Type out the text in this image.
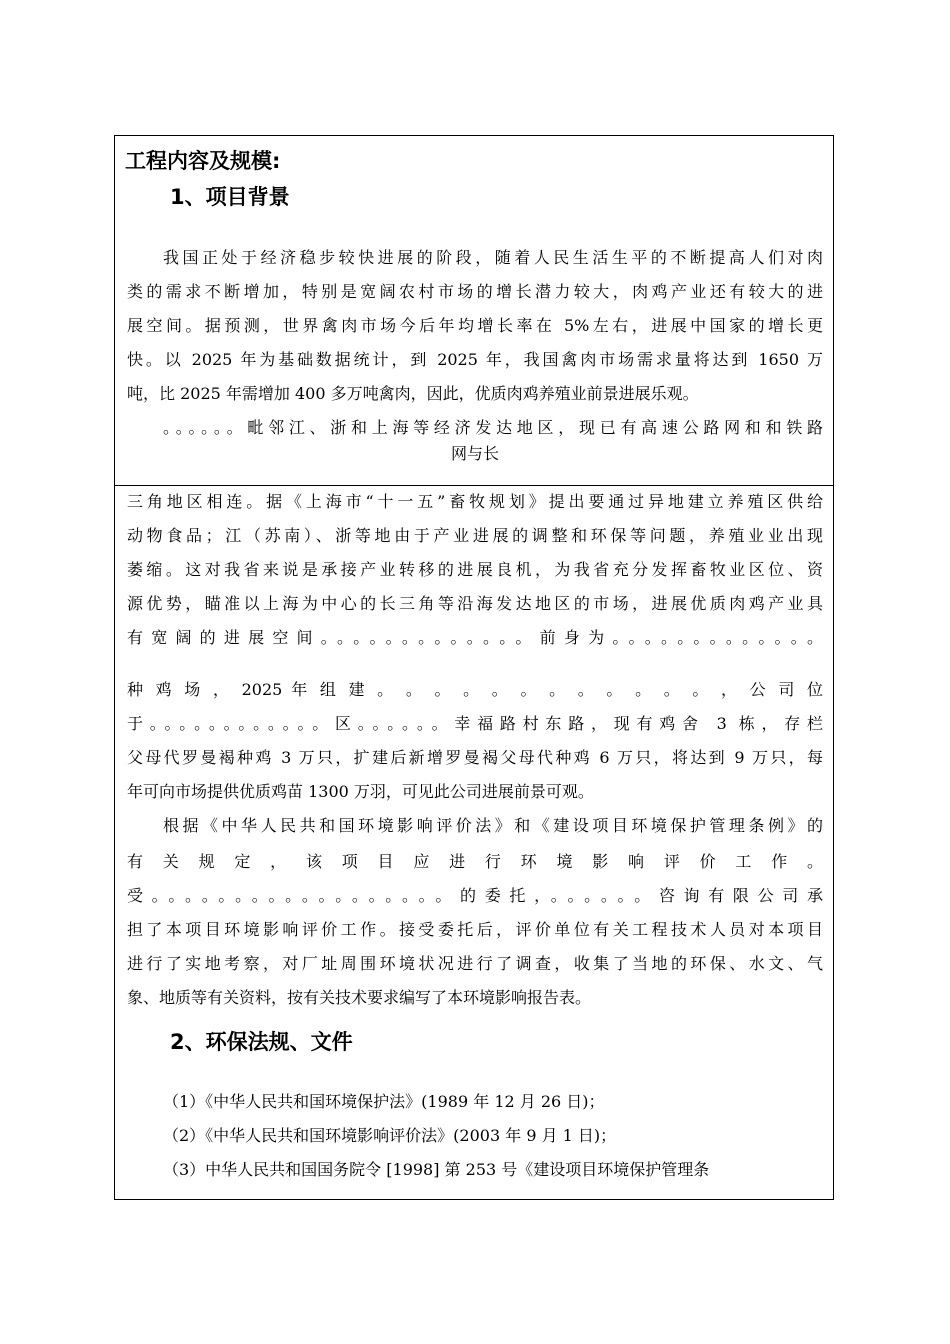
工程内容及规模:
1、项目背景
我国正处于经济稳步较快进展的阶段，随着人民生活生平的不断提高人们对肉
类的需求不断增加，特别是宽阔农村市场的增长潜力较大，肉鸡产业还有较大的进
展空间。据预测，世界禽肉市场今后年均增长率在 5%左右，进展中国家的增长更
快。以 2025 年为基础数据统计，到 2025 年，我国禽肉市场需求量将达到 1650 万
吨，比 2025 年需增加 400 多万吨禽肉，因此，优质肉鸡养殖业前景进展乐观。
。。。。。。毗邻江、浙和上海等经济发达地区，现已有高速公路网和和铁路
网与长
三角地区相连。据《上海市“十一五”畜牧规划》提出要通过异地建立养殖区供给
动物食品；江（苏南）、浙等地由于产业进展的调整和环保等问题，养殖业业出现
萎缩。这对我省来说是承接产业转移的进展良机，为我省充分发挥畜牧业区位、资
源优势，瞄准以上海为中心的长三角等沿海发达地区的市场，进展优质肉鸡产业具
有宽阔的进展空间。。。。。。。。。。。。。前身为。。。。。。。。。。。。。
种 鸡 场 ， 2025 年 组 建 。 。 。 。 。 。 。 。 。 。 。 。 ， 公 司 位
于。。。。。。。。。。。。区。。。。。。幸福路村东路，现有鸡舍 3 栋，存栏
父母代罗曼褐种鸡 3 万只，扩建后新增罗曼褐父母代种鸡 6 万只，将达到 9 万只，每
年可向市场提供优质鸡苗 1300 万羽，可见此公司进展前景可观。
根据《中华人民共和国环境影响评价法》和《建设项目环境保护管理条例》的
有 关 规 定 ， 该 项 目 应 进 行 环 境 影 响 评 价 工 作 。
受。。。。。。。。。。。。。。。。。。的委托，。。。。。。咨询有限公司承
担了本项目环境影响评价工作。接受委托后，评价单位有关工程技术人员对本项目
进行了实地考察，对厂址周围环境状况进行了调查，收集了当地的环保、水文、气
象、地质等有关资料，按有关技术要求编写了本环境影响报告表。
2、环保法规、文件
（1）《中华人民共和国环境保护法》(1989 年 12 月 26 日)；
（2）《中华人民共和国环境影响评价法》(2003 年 9 月 1 日)；
（3）中华人民共和国国务院令 [1998] 第 253 号《建设项目环境保护管理条
